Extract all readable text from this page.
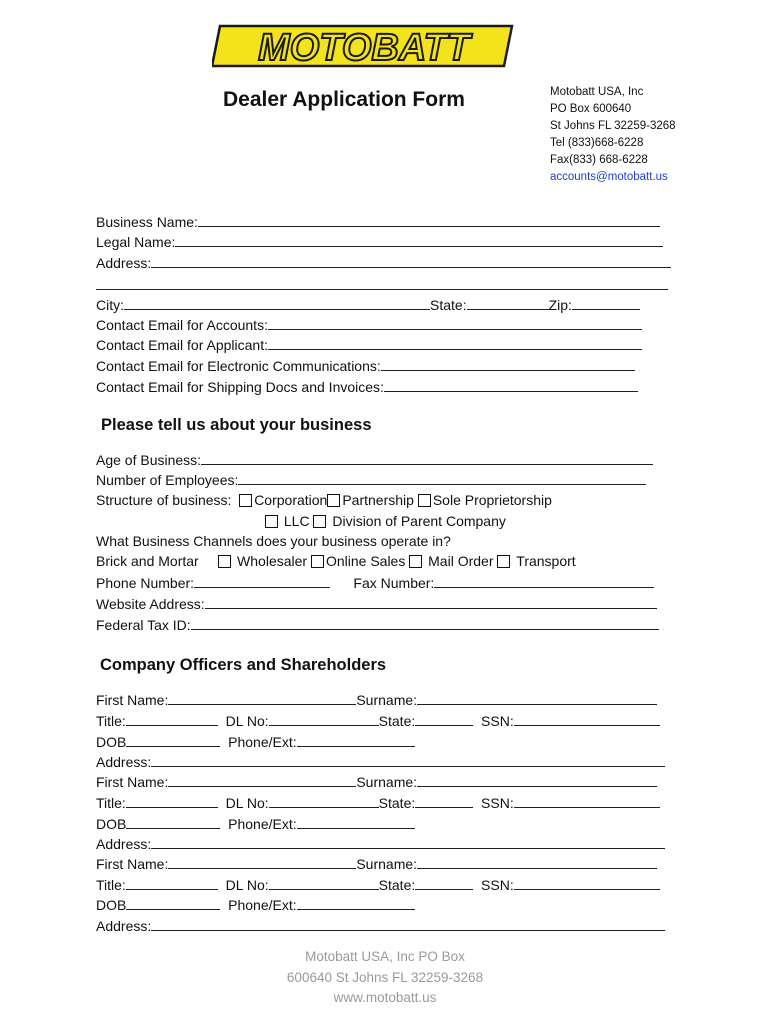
MOTOBATT
Dealer Application Form	Motobatt USA, Inc
PO Box 600640
St Johns FL 32259-3268
Tel (833)668-6228
Fax(833) 668-6228
accounts@motobatt.us
Business Name:
Legal Name:
Address:
City:	State:	Zip:
Contact Email for Accounts:
Contact Email for Applicant:
Contact Email for Electronic Communications:
Contact Email for Shipping Docs and Invoices:
Please tell us about your business
Age of Business:
Number of Employees:
Structure of business: Corporation Partnership Sole Proprietorship
LLC Division of Parent Company
What Business Channels does your business operate in?
Brick and Mortar	Wholesaler Online Sales Mail Order Transport
Phone Number:	Fax Number:
Website Address:
Federal Tax ID:
Company Officers and Shareholders
First Name:	Surname:
Title:	DL No:	State:	SSN:
DOB	Phone/Ext:
Address:
First Name:	Surname:
Title:	DL No:	State:	SSN:
DOB	Phone/Ext:
Address:
First Name:	Surname:
Title:	DL No:	State:	SSN:
DOB	Phone/Ext:
Address:
Motobatt USA, Inc PO Box
600640 St Johns FL 32259-3268
www.motobatt.us
